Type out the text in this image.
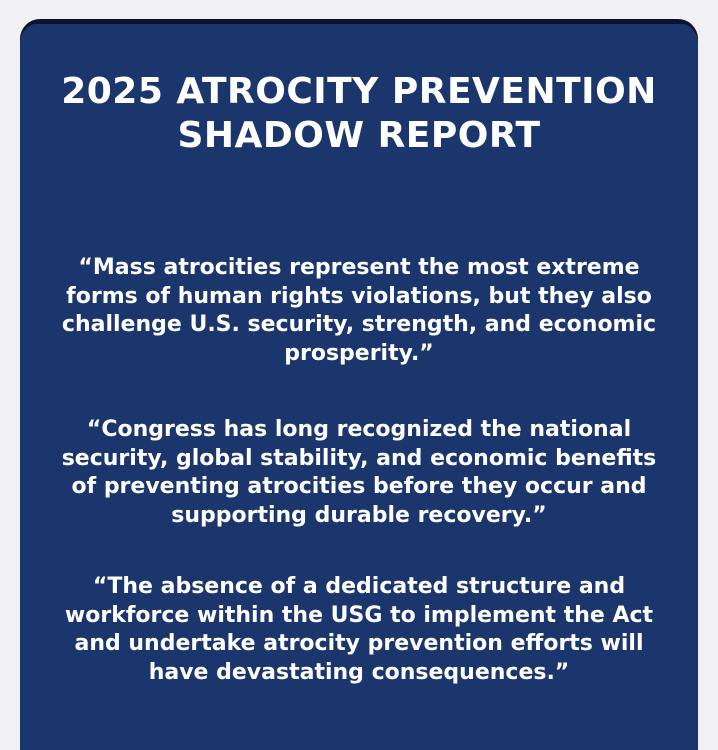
2025 ATROCITY PREVENTION
SHADOW REPORT

“Mass atrocities represent the most extreme
forms of human rights violations, but they also
challenge U.S. security, strength, and economic
prosperity.”

“Congress has long recognized the national
security, global stability, and economic benefits
of preventing atrocities before they occur and
supporting durable recovery.”

“The absence of a dedicated structure and
workforce within the USG to implement the Act
and undertake atrocity prevention efforts will
have devastating consequences.”
